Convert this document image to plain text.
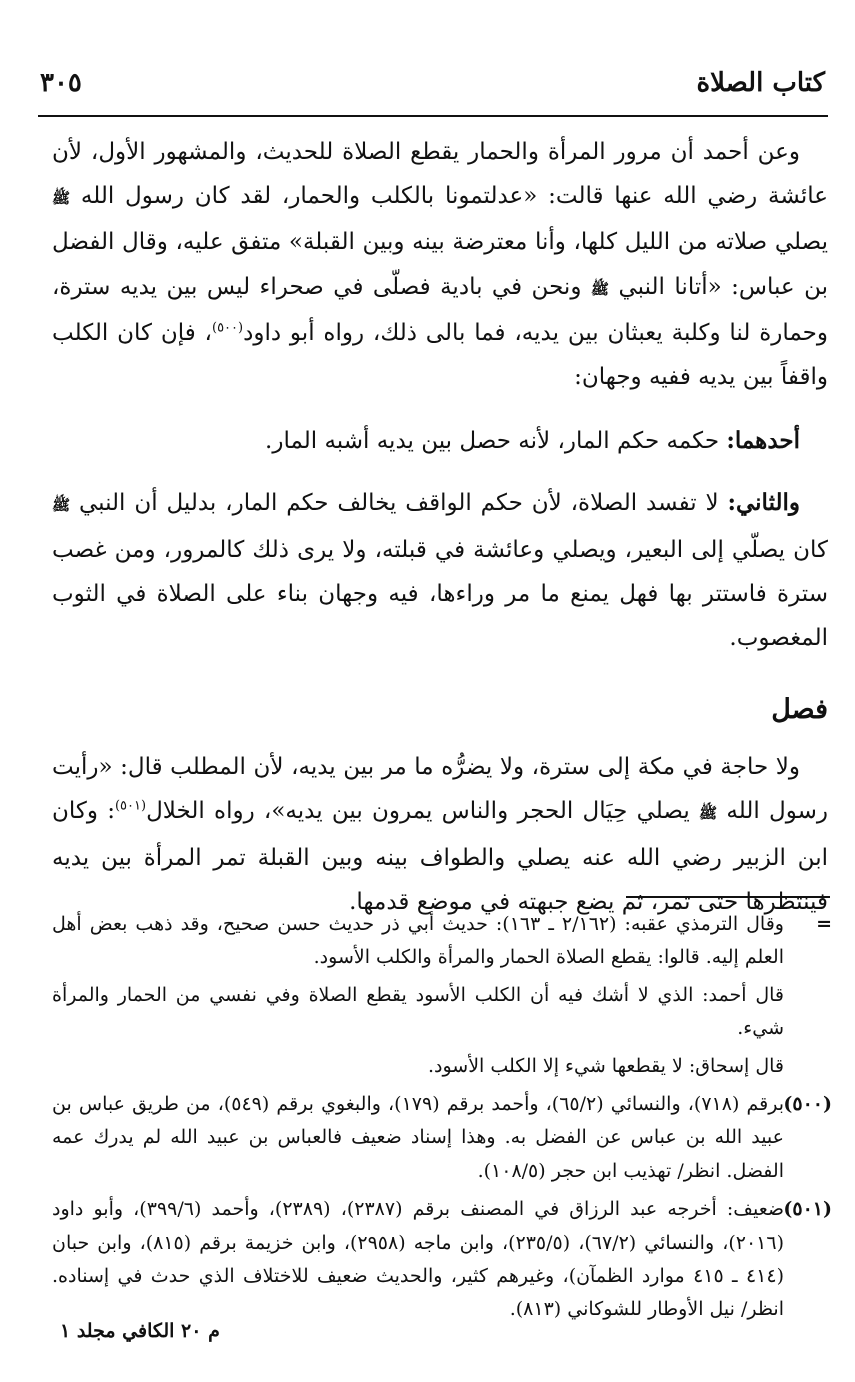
كتاب الصلاة
٣٠٥

وعن أحمد أن مرور المرأة والحمار يقطع الصلاة للحديث، والمشهور الأول، لأن عائشة رضي الله عنها قالت: «عدلتمونا بالكلب والحمار، لقد كان رسول الله ﷺ يصلي صلاته من الليل كلها، وأنا معترضة بينه وبين القبلة» متفق عليه، وقال الفضل بن عباس: «أتانا النبي ﷺ ونحن في بادية فصلّى في صحراء ليس بين يديه سترة، وحمارة لنا وكلبة يعبثان بين يديه، فما بالى ذلك، رواه أبو داود$^{(٥٠٠)}$، فإن كان الكلب واقفاً بين يديه ففيه وجهان:

أحدهما: حكمه حكم المار، لأنه حصل بين يديه أشبه المار.

والثاني: لا تفسد الصلاة، لأن حكم الواقف يخالف حكم المار، بدليل أن النبي ﷺ كان يصلّي إلى البعير، ويصلي وعائشة في قبلته، ولا يرى ذلك كالمرور، ومن غصب سترة فاستتر بها فهل يمنع ما مر وراءها، فيه وجهان بناء على الصلاة في الثوب المغصوب.

فصل

ولا حاجة في مكة إلى سترة، ولا يضرُّه ما مر بين يديه، لأن المطلب قال: «رأيت رسول الله ﷺ يصلي حِيَال الحجر والناس يمرون بين يديه»، رواه الخلال$^{(٥٠١)}$: وكان ابن الزبير رضي الله عنه يصلي والطواف بينه وبين القبلة تمر المرأة بين يديه فينتظرها حتى تمر، ثم يضع جبهته في موضع قدمها.

=

وقال الترمذي عقبه: (٢/١٦٢ ـ ١٦٣): حديث أبي ذر حديث حسن صحيح، وقد ذهب بعض أهل العلم إليه. قالوا: يقطع الصلاة الحمار والمرأة والكلب الأسود.

قال أحمد: الذي لا أشك فيه أن الكلب الأسود يقطع الصلاة وفي نفسي من الحمار والمرأة شيء.

قال إسحاق: لا يقطعها شيء إلا الكلب الأسود.

(٥٠٠)

برقم (٧١٨)، والنسائي (٦٥/٢)، وأحمد برقم (١٧٩)، والبغوي برقم (٥٤٩)، من طريق عباس بن عبيد الله بن عباس عن الفضل به. وهذا إسناد ضعيف فالعباس بن عبيد الله لم يدرك عمه الفضل. انظر/ تهذيب ابن حجر (١٠٨/٥).

(٥٠١)

ضعيف: أخرجه عبد الرزاق في المصنف برقم (٢٣٨٧)، (٢٣٨٩)، وأحمد (٣٩٩/٦)، وأبو داود (٢٠١٦)، والنسائي (٦٧/٢)، (٢٣٥/٥)، وابن ماجه (٢٩٥٨)، وابن خزيمة برقم (٨١٥)، وابن حبان (٤١٤ ـ ٤١٥ موارد الظمآن)، وغيرهم كثير، والحديث ضعيف للاختلاف الذي حدث في إسناده. انظر/ نيل الأوطار للشوكاني (٨١٣).

م ٢٠ الكافي مجلد ١
